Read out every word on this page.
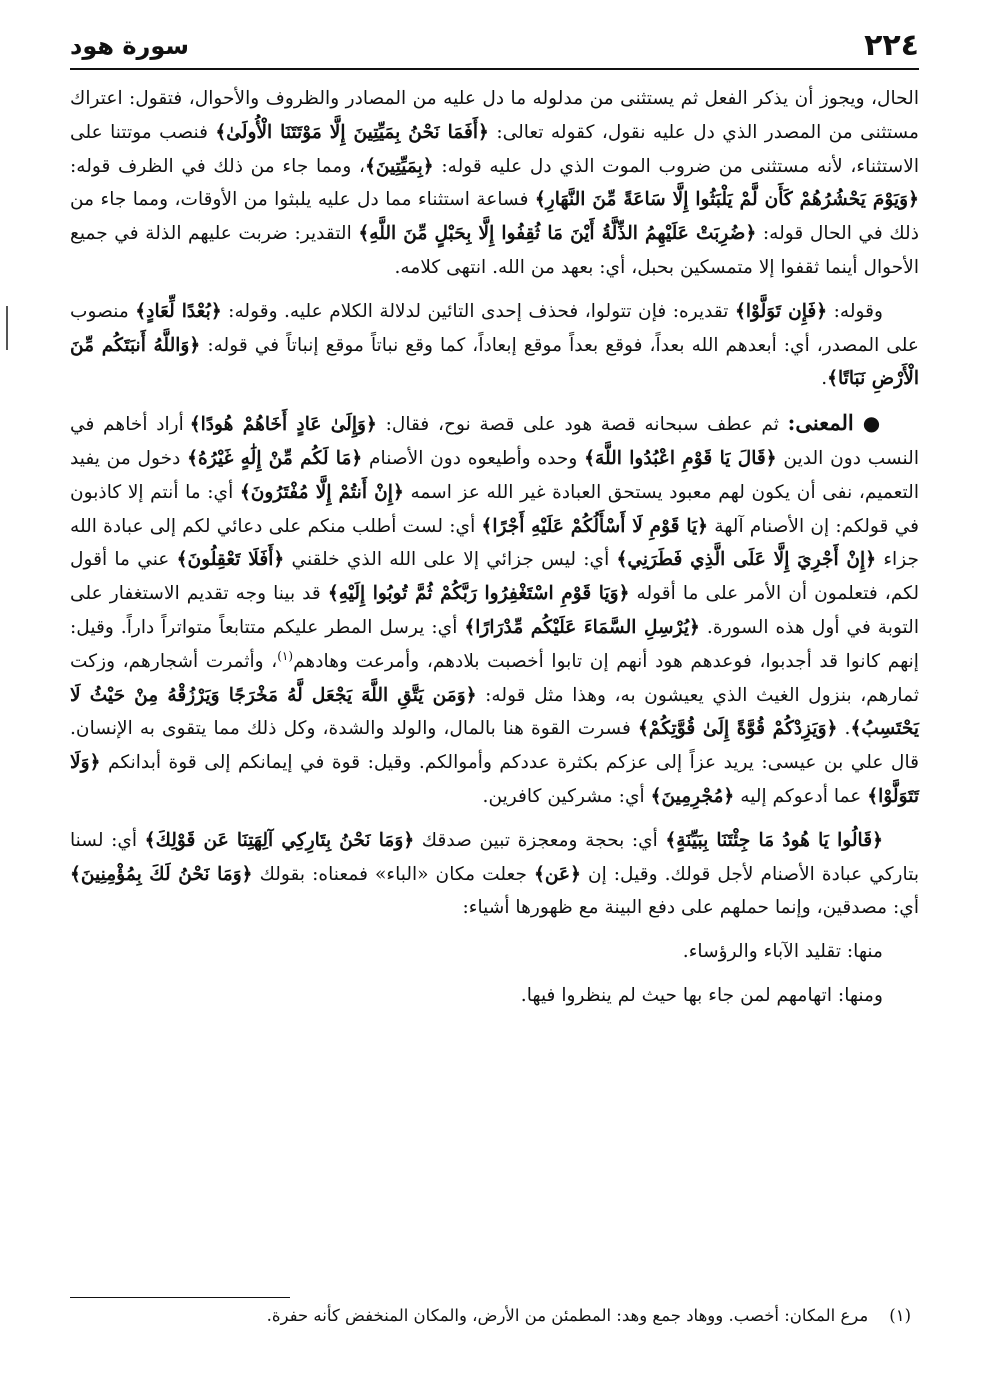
٢٢٤
سورة هود

الحال، ويجوز أن يذكر الفعل ثم يستثنى من مدلوله ما دل عليه من المصادر والظروف والأحوال، فتقول: اعتراك مستثنى من المصدر الذي دل عليه نقول، كقوله تعالى: ﴿أَفَمَا نَحْنُ بِمَيِّتِينَ إِلَّا مَوْتَتَنَا الْأُولَىٰ﴾ فنصب موتتنا على الاستثناء، لأنه مستثنى من ضروب الموت الذي دل عليه قوله: ﴿بِمَيِّتِينَ﴾، ومما جاء من ذلك في الظرف قوله: ﴿وَيَوْمَ يَحْشُرُهُمْ كَأَن لَّمْ يَلْبَثُوا إِلَّا سَاعَةً مِّنَ النَّهَارِ﴾ فساعة استثناء مما دل عليه يلبثوا من الأوقات، ومما جاء من ذلك في الحال قوله: ﴿ضُرِبَتْ عَلَيْهِمُ الذِّلَّةُ أَيْنَ مَا ثُقِفُوا إِلَّا بِحَبْلٍ مِّنَ اللَّهِ﴾ التقدير: ضربت عليهم الذلة في جميع الأحوال أينما ثقفوا إلا متمسكين بحبل، أي: بعهد من الله. انتهى كلامه.

وقوله: ﴿فَإِن تَوَلَّوْا﴾ تقديره: فإن تتولوا، فحذف إحدى التائين لدلالة الكلام عليه. وقوله: ﴿بُعْدًا لِّعَادٍ﴾ منصوب على المصدر، أي: أبعدهم الله بعداً، فوقع بعداً موقع إبعاداً، كما وقع نباتاً موقع إنباتاً في قوله: ﴿وَاللَّهُ أَنبَتَكُم مِّنَ الْأَرْضِ نَبَاتًا﴾.

● المعنى: ثم عطف سبحانه قصة هود على قصة نوح، فقال: ﴿وَإِلَىٰ عَادٍ أَخَاهُمْ هُودًا﴾ أراد أخاهم في النسب دون الدين ﴿قَالَ يَا قَوْمِ اعْبُدُوا اللَّهَ﴾ وحده وأطيعوه دون الأصنام ﴿مَا لَكُم مِّنْ إِلَٰهٍ غَيْرُهُ﴾ دخول من يفيد التعميم، نفى أن يكون لهم معبود يستحق العبادة غير الله عز اسمه ﴿إِنْ أَنتُمْ إِلَّا مُفْتَرُونَ﴾ أي: ما أنتم إلا كاذبون في قولكم: إن الأصنام آلهة ﴿يَا قَوْمِ لَا أَسْأَلُكُمْ عَلَيْهِ أَجْرًا﴾ أي: لست أطلب منكم على دعائي لكم إلى عبادة الله جزاء ﴿إِنْ أَجْرِيَ إِلَّا عَلَى الَّذِي فَطَرَنِي﴾ أي: ليس جزائي إلا على الله الذي خلقني ﴿أَفَلَا تَعْقِلُونَ﴾ عني ما أقول لكم، فتعلمون أن الأمر على ما أقوله ﴿وَيَا قَوْمِ اسْتَغْفِرُوا رَبَّكُمْ ثُمَّ تُوبُوا إِلَيْهِ﴾ قد بينا وجه تقديم الاستغفار على التوبة في أول هذه السورة. ﴿يُرْسِلِ السَّمَاءَ عَلَيْكُم مِّدْرَارًا﴾ أي: يرسل المطر عليكم متتابعاً متواتراً داراً. وقيل: إنهم كانوا قد أجدبوا، فوعدهم هود أنهم إن تابوا أخصبت بلادهم، وأمرعت وهادهم$^{(١)}$، وأثمرت أشجارهم، وزكت ثمارهم، بنزول الغيث الذي يعيشون به، وهذا مثل قوله: ﴿وَمَن يَتَّقِ اللَّهَ يَجْعَل لَّهُ مَخْرَجًا وَيَرْزُقْهُ مِنْ حَيْثُ لَا يَحْتَسِبُ﴾. ﴿وَيَزِدْكُمْ قُوَّةً إِلَىٰ قُوَّتِكُمْ﴾ فسرت القوة هنا بالمال، والولد والشدة، وكل ذلك مما يتقوى به الإنسان. قال علي بن عيسى: يريد عزاً إلى عزكم بكثرة عددكم وأموالكم. وقيل: قوة في إيمانكم إلى قوة أبدانكم ﴿وَلَا تَتَوَلَّوْا﴾ عما أدعوكم إليه ﴿مُجْرِمِينَ﴾ أي: مشركين كافرين.

﴿قَالُوا يَا هُودُ مَا جِئْتَنَا بِبَيِّنَةٍ﴾ أي: بحجة ومعجزة تبين صدقك ﴿وَمَا نَحْنُ بِتَارِكِي آلِهَتِنَا عَن قَوْلِكَ﴾ أي: لسنا بتاركي عبادة الأصنام لأجل قولك. وقيل: إن ﴿عَن﴾ جعلت مكان «الباء» فمعناه: بقولك ﴿وَمَا نَحْنُ لَكَ بِمُؤْمِنِينَ﴾ أي: مصدقين، وإنما حملهم على دفع البينة مع ظهورها أشياء:

منها: تقليد الآباء والرؤساء.

ومنها: اتهامهم لمن جاء بها حيث لم ينظروا فيها.

(١)    مرع المكان: أخصب. ووهاد جمع وهد: المطمئن من الأرض، والمكان المنخفض كأنه حفرة.
